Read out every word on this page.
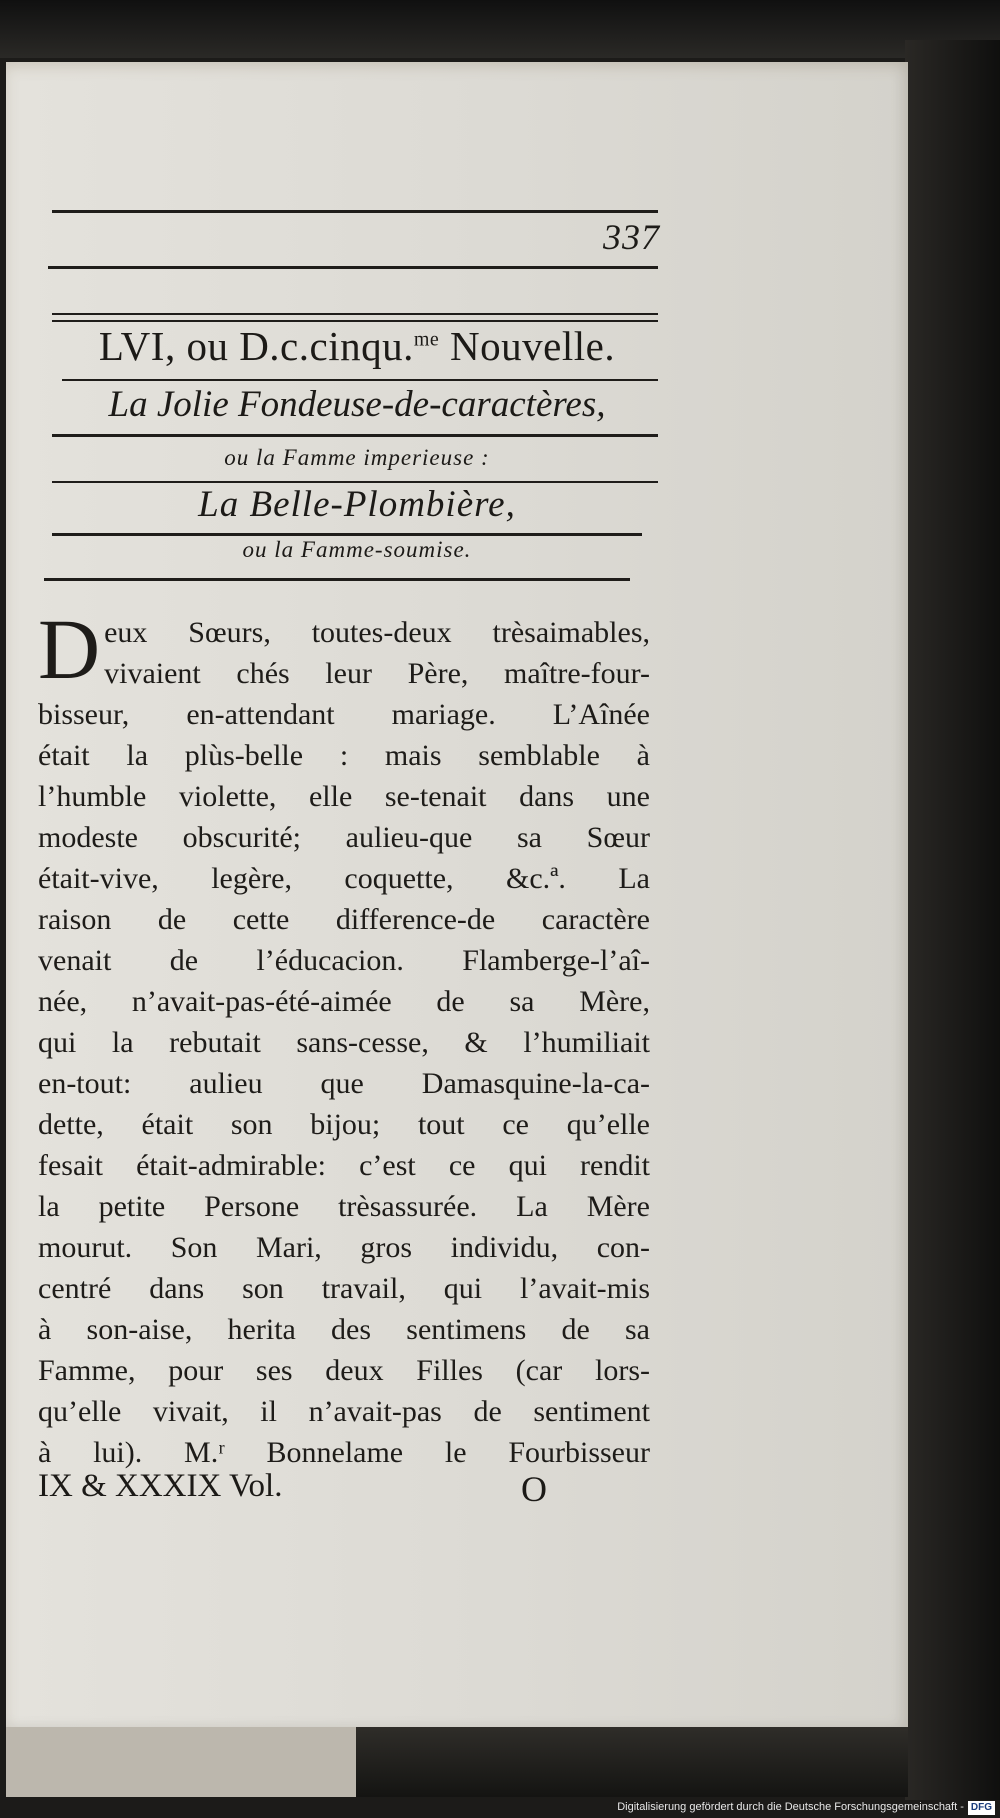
337
LVI, ou D.c.cinqu.$^{me}$ Nouvelle.
La Jolie Fondeuse-de-caractères,
ou la Famme imperieuse :
La Belle-Plombière,
ou la Famme-soumise.
D eux Sœurs, toutes-deux trèsaimables,
vivaient chés leur Père, maître-four-
bisseur, en-attendant mariage. L’Aînée
était la plùs-belle : mais semblable à
l’humble violette, elle se-tenait dans une
modeste obscurité; aulieu-que sa Sœur
était-vive, legère, coquette, &c.ª. La
raison de cette difference-de caractère
venait de l’éducacion. Flamberge-l’aî-
née, n’avait-pas-été-aimée de sa Mère,
qui la rebutait sans-cesse, & l’humiliait
en-tout: aulieu que Damasquine-la-ca-
dette, était son bijou; tout ce qu’elle
fesait était-admirable: c’est ce qui rendit
la petite Persone trèsassurée. La Mère
mourut. Son Mari, gros individu, con-
centré dans son travail, qui l’avait-mis
à son-aise, herita des sentimens de sa
Famme, pour ses deux Filles (car lors-
qu’elle vivait, il n’avait-pas de sentiment
à lui). M.ʳ Bonnelame le Fourbisseur
IX & XXXIX Vol.	O
Digitalisierung gefördert durch die Deutsche Forschungsgemeinschaft - DFG
